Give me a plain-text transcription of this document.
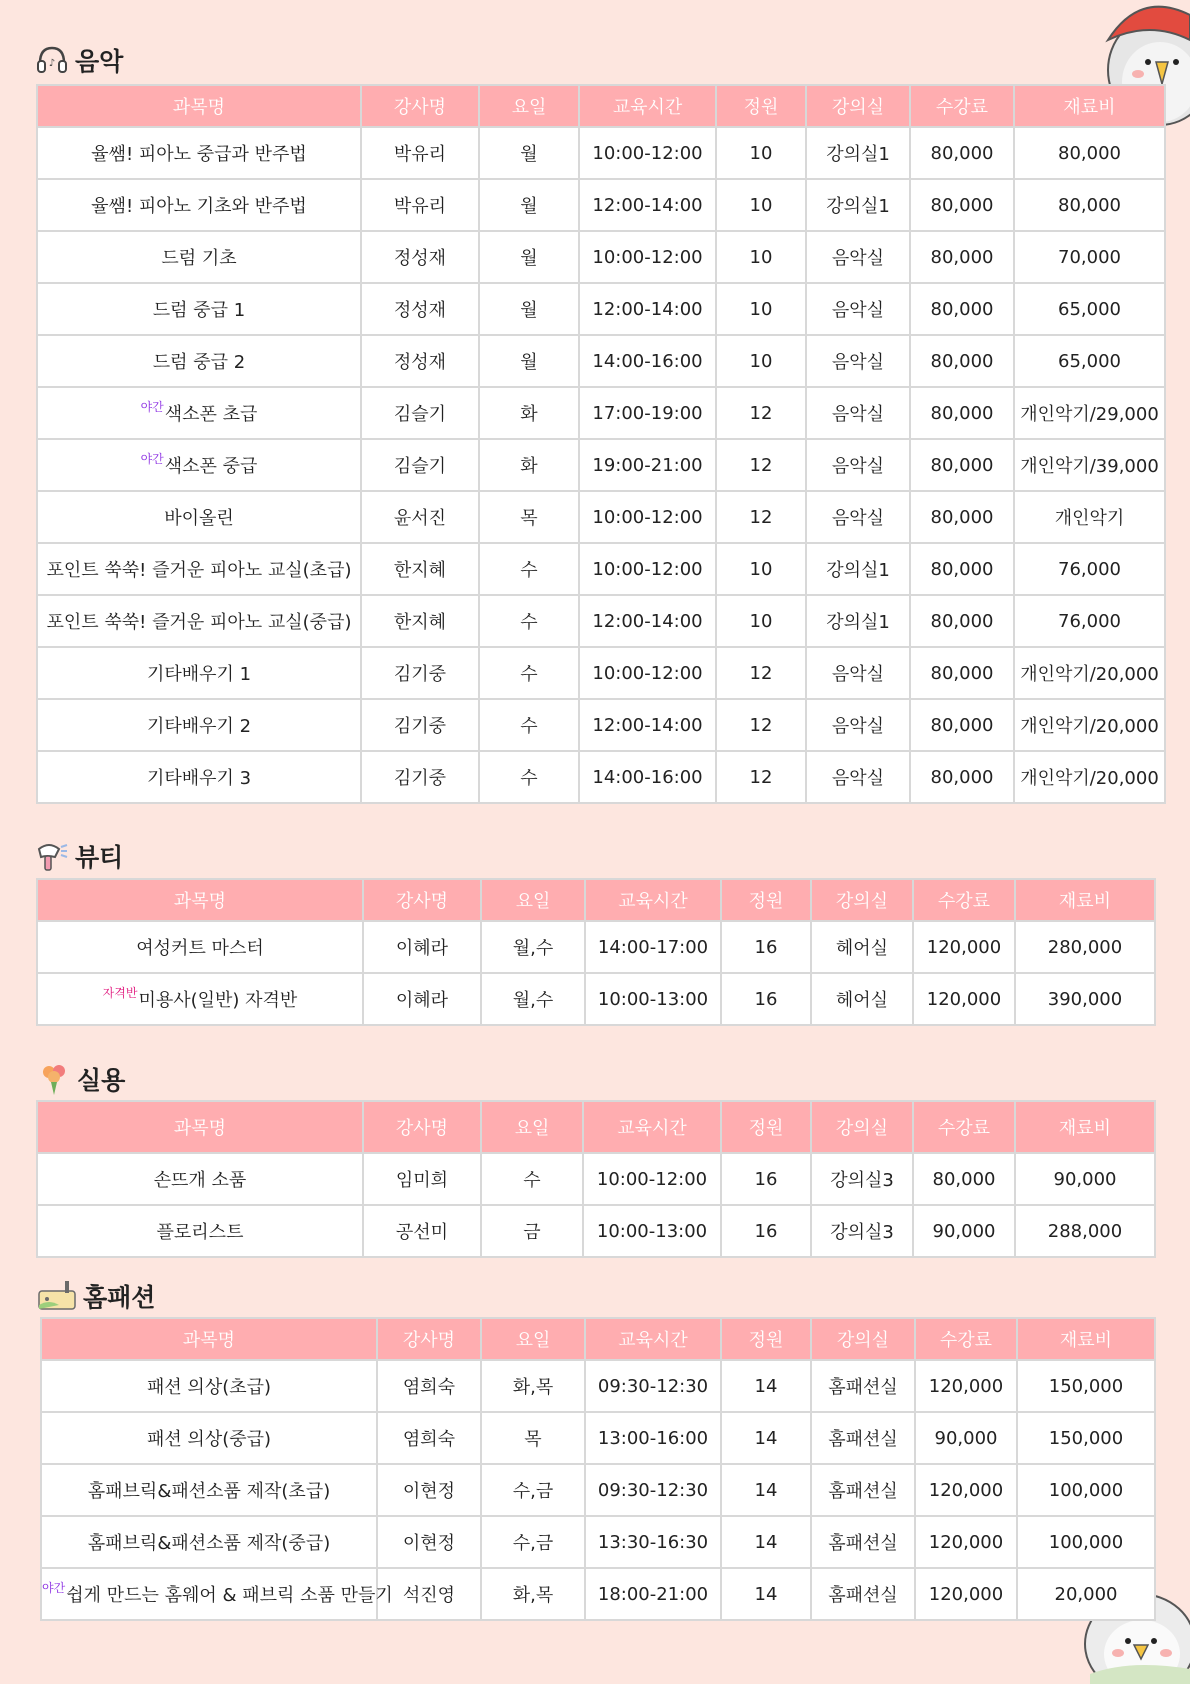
♪ 음악
과목명	강사명	요일	교육시간	정원	강의실	수강료	재료비
율쌤! 피아노 중급과 반주법	박유리	월	10:00-12:00	10	강의실1	80,000	80,000
율쌤! 피아노 기초와 반주법	박유리	월	12:00-14:00	10	강의실1	80,000	80,000
드럼 기초	정성재	월	10:00-12:00	10	음악실	80,000	70,000
드럼 중급 1	정성재	월	12:00-14:00	10	음악실	80,000	65,000
드럼 중급 2	정성재	월	14:00-16:00	10	음악실	80,000	65,000
$^{야간}$색소폰 초급	김슬기	화	17:00-19:00	12	음악실	80,000	개인악기/29,000
$^{야간}$색소폰 중급	김슬기	화	19:00-21:00	12	음악실	80,000	개인악기/39,000
바이올린	윤서진	목	10:00-12:00	12	음악실	80,000	개인악기
포인트 쑥쑥! 즐거운 피아노 교실(초급)	한지혜	수	10:00-12:00	10	강의실1	80,000	76,000
포인트 쑥쑥! 즐거운 피아노 교실(중급)	한지혜	수	12:00-14:00	10	강의실1	80,000	76,000
기타배우기 1	김기중	수	10:00-12:00	12	음악실	80,000	개인악기/20,000
기타배우기 2	김기중	수	12:00-14:00	12	음악실	80,000	개인악기/20,000
기타배우기 3	김기중	수	14:00-16:00	12	음악실	80,000	개인악기/20,000
뷰티
과목명	강사명	요일	교육시간	정원	강의실	수강료	재료비
여성커트 마스터	이혜라	월,수	14:00-17:00	16	헤어실	120,000	280,000
$^{자격반}$미용사(일반) 자격반	이혜라	월,수	10:00-13:00	16	헤어실	120,000	390,000
실용
과목명	강사명	요일	교육시간	정원	강의실	수강료	재료비
손뜨개 소품	임미희	수	10:00-12:00	16	강의실3	80,000	90,000
플로리스트	공선미	금	10:00-13:00	16	강의실3	90,000	288,000
홈패션
과목명	강사명	요일	교육시간	정원	강의실	수강료	재료비
패션 의상(초급)	염희숙	화,목	09:30-12:30	14	홈패션실	120,000	150,000
패션 의상(중급)	염희숙	목	13:00-16:00	14	홈패션실	90,000	150,000
홈패브릭&패션소품 제작(초급)	이현정	수,금	09:30-12:30	14	홈패션실	120,000	100,000
홈패브릭&패션소품 제작(중급)	이현정	수,금	13:30-16:30	14	홈패션실	120,000	100,000
$^{야간}$쉽게 만드는 홈웨어 & 패브릭 소품 만들기	석진영	화,목	18:00-21:00	14	홈패션실	120,000	20,000
